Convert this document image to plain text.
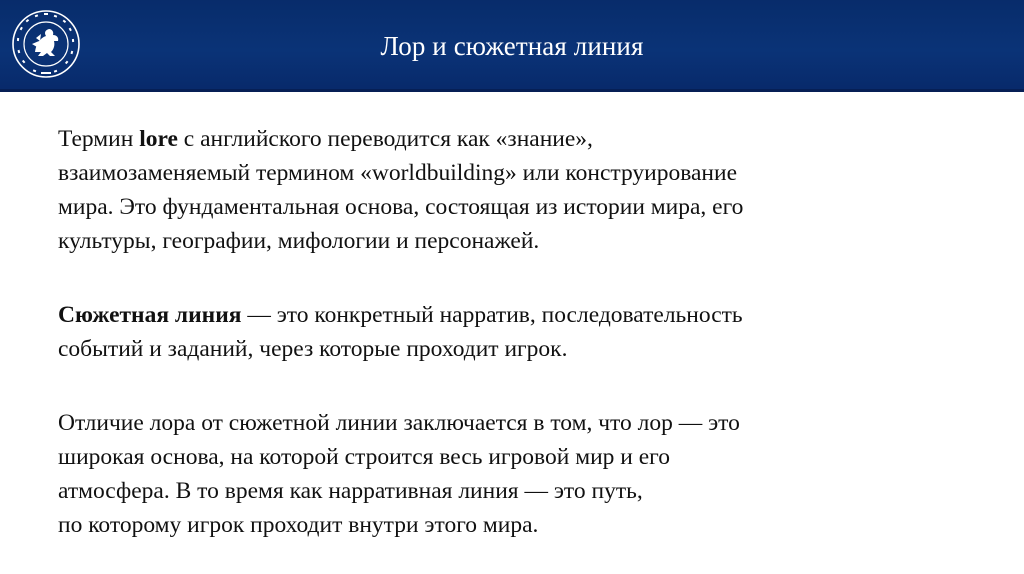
Лор и сюжетная линия
Термин lore с английского переводится как «знание»,
взаимозаменяемый термином «worldbuilding» или конструирование
мира. Это фундаментальная основа, состоящая из истории мира, его
культуры, географии, мифологии и персонажей.
Сюжетная линия — это конкретный нарратив, последовательность
событий и заданий, через которые проходит игрок.
Отличие лора от сюжетной линии заключается в том, что лор — это
широкая основа, на которой строится весь игровой мир и его
атмосфера. В то время как нарративная линия — это путь,
по которому игрок проходит внутри этого мира.
